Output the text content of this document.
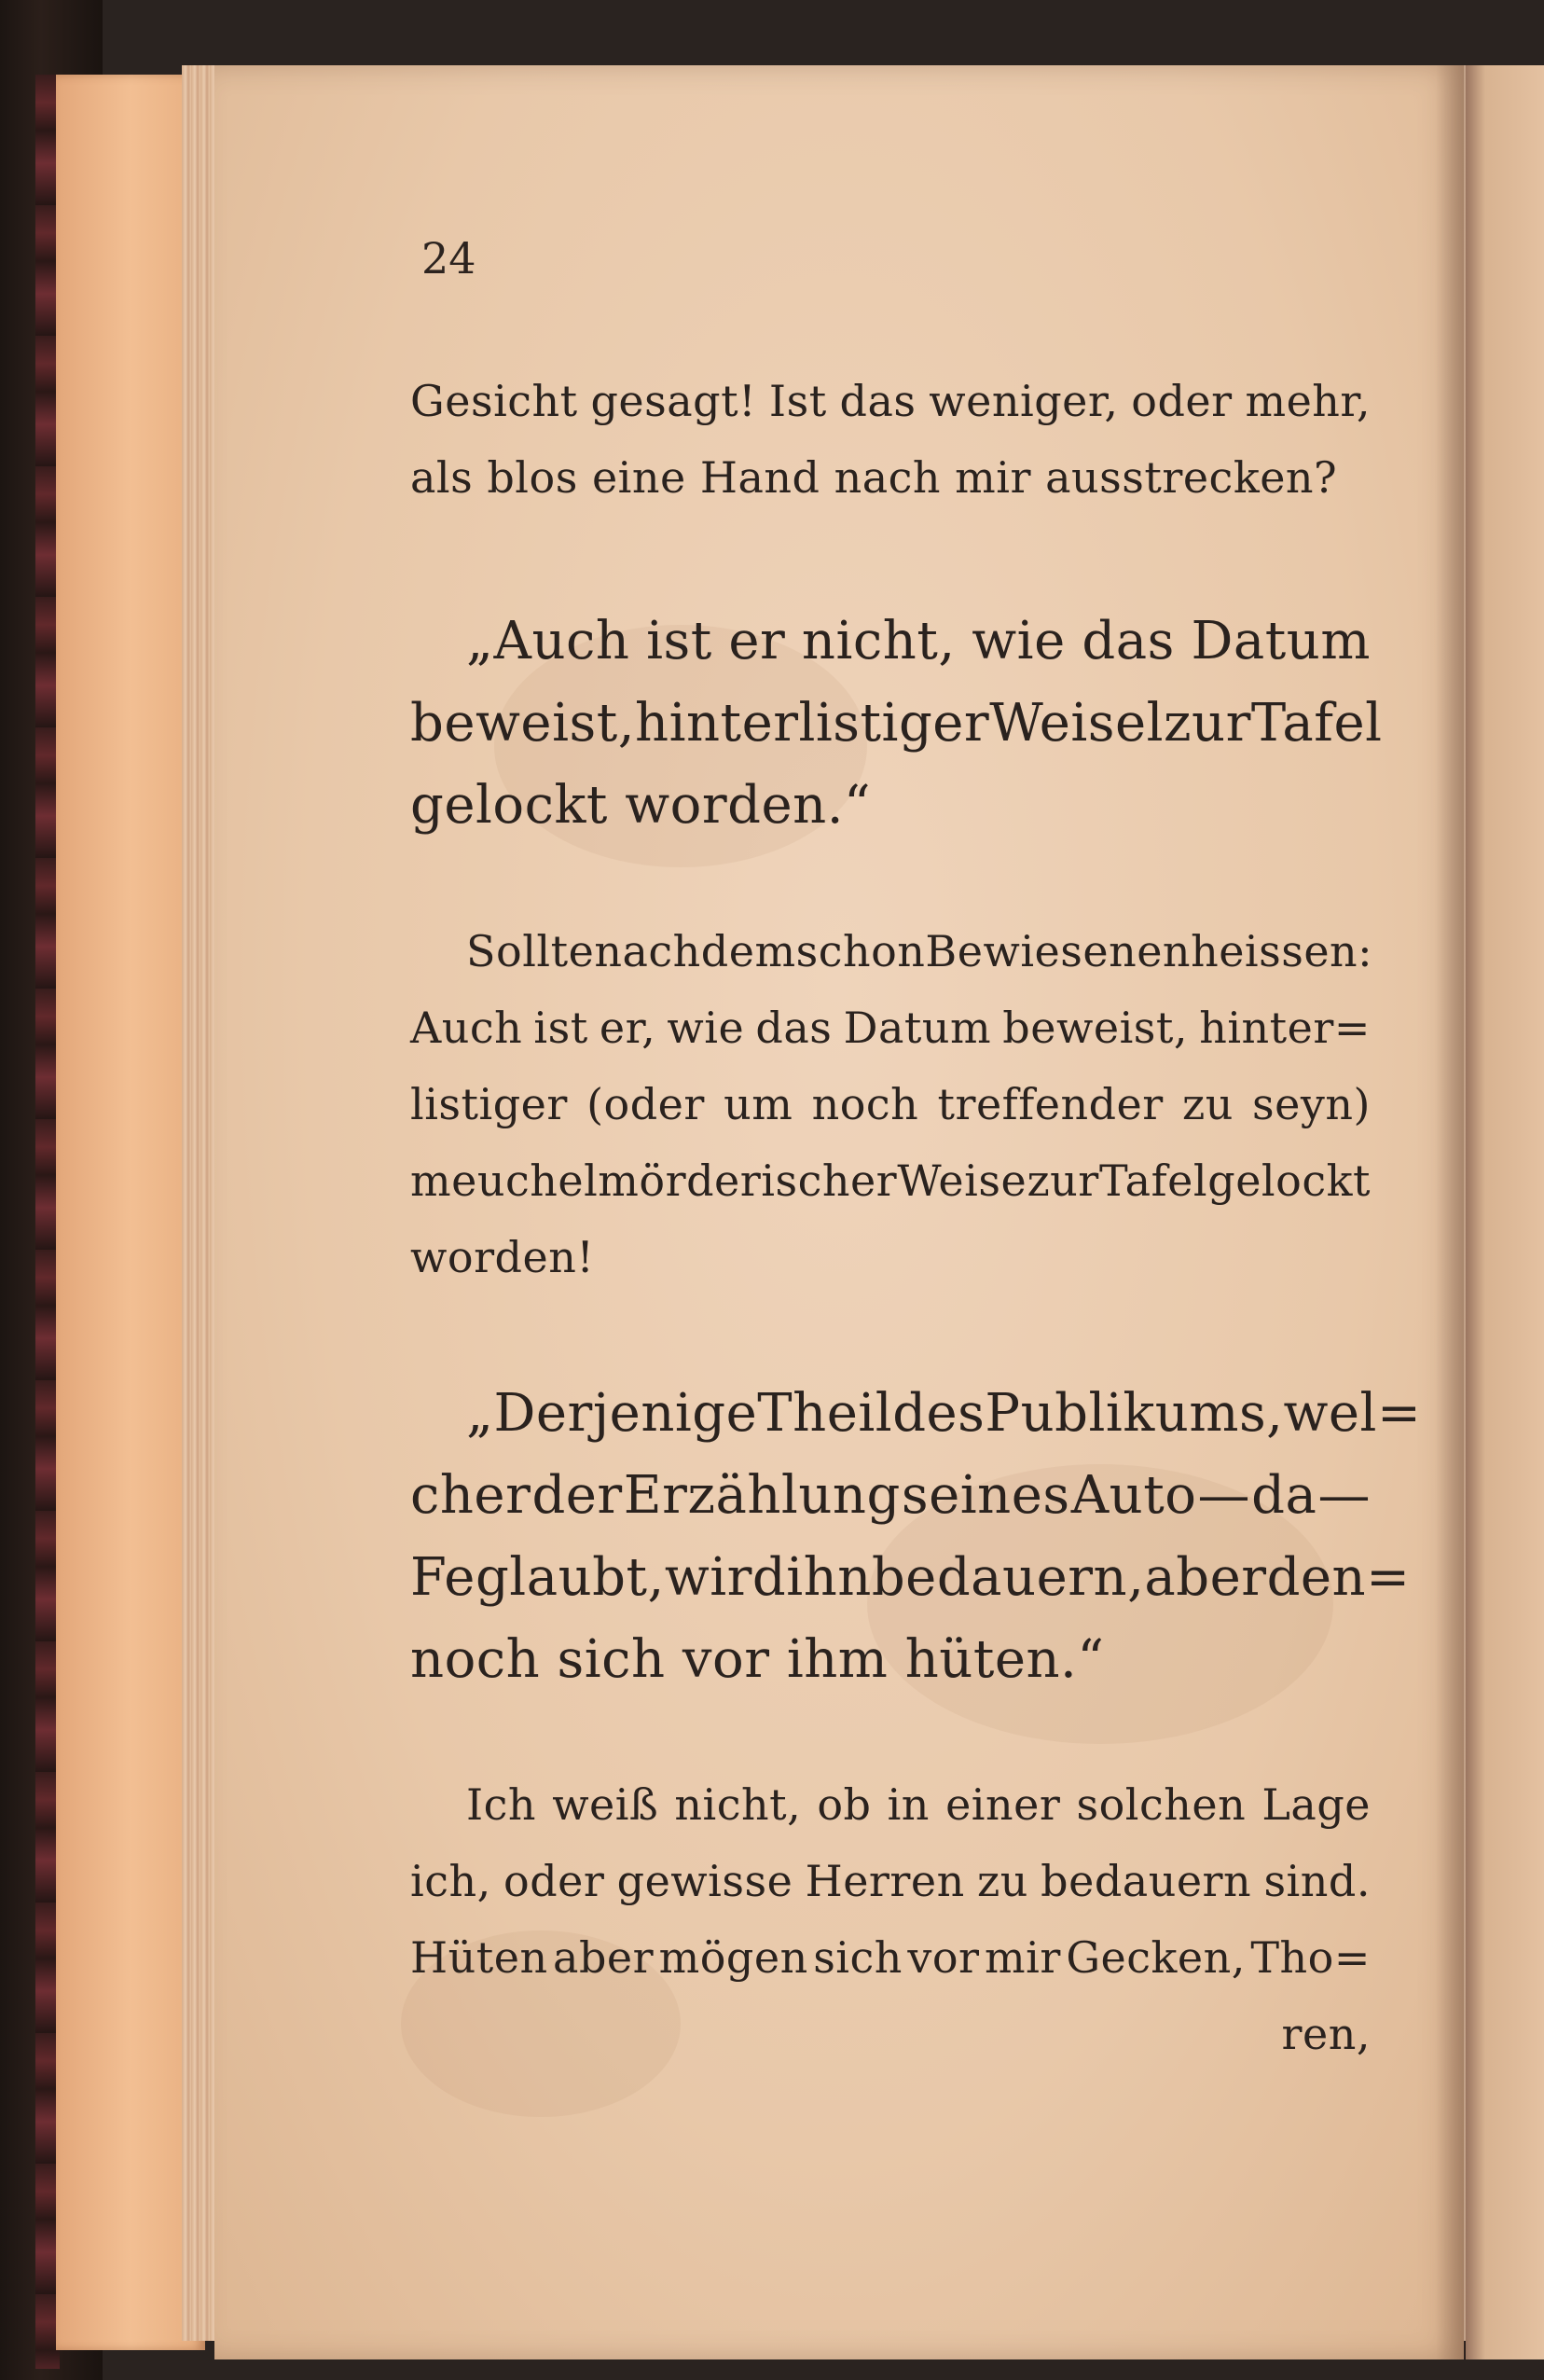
24
Gesicht gesagt! Ist das weniger, oder mehr,
als blos eine Hand nach mir ausstrecken?
„Auch ist er nicht, wie das Datum
beweist, hinterlistiger Weisel zur Tafel
gelockt worden.“
Sollte nach dem schon Bewiesenen heissen:
Auch ist er, wie das Datum beweist, hinter=
listiger (oder um noch treffender zu seyn)
meuchelmörderischer Weise zur Tafel gelockt
worden!
„Derjenige Theil des Publikums, wel=
cher der Erzählung seines Auto — da —
Fe glaubt, wird ihn bedauern, aber den=
noch sich vor ihm hüten.“
Ich weiß nicht, ob in einer solchen Lage
ich, oder gewisse Herren zu bedauern sind.
Hüten aber mögen sich vor mir Gecken, Tho=
ren,
